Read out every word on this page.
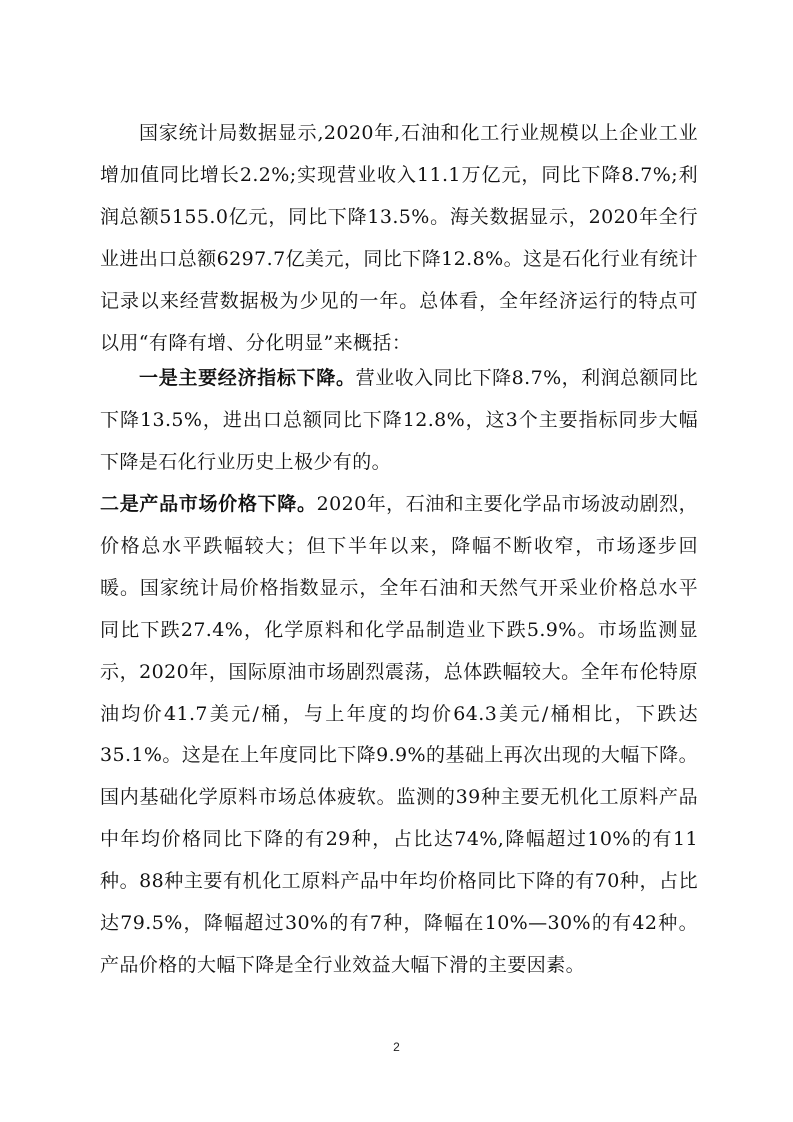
国家统计局数据显示,2020年,石油和化工行业规模以上企业工业增加值同比增长2.2%;实现营业收入11.1万亿元，同比下降8.7%;利润总额5155.0亿元，同比下降13.5%。海关数据显示，2020年全行业进出口总额6297.7亿美元，同比下降12.8%。这是石化行业有统计记录以来经营数据极为少见的一年。总体看，全年经济运行的特点可以用“有降有增、分化明显”来概括：

一是主要经济指标下降。营业收入同比下降8.7%，利润总额同比下降13.5%，进出口总额同比下降12.8%，这3个主要指标同步大幅下降是石化行业历史上极少有的。

二是产品市场价格下降。2020年，石油和主要化学品市场波动剧烈，价格总水平跌幅较大；但下半年以来，降幅不断收窄，市场逐步回暖。国家统计局价格指数显示，全年石油和天然气开采业价格总水平同比下跌27.4%，化学原料和化学品制造业下跌5.9%。市场监测显示，2020年，国际原油市场剧烈震荡，总体跌幅较大。全年布伦特原油均价41.7美元/桶，与上年度的均价64.3美元/桶相比，下跌达35.1%。这是在上年度同比下降9.9%的基础上再次出现的大幅下降。国内基础化学原料市场总体疲软。监测的39种主要无机化工原料产品中年均价格同比下降的有29种，占比达74%,降幅超过10%的有11种。88种主要有机化工原料产品中年均价格同比下降的有70种，占比达79.5%，降幅超过30%的有7种，降幅在10%—30%的有42种。产品价格的大幅下降是全行业效益大幅下滑的主要因素。

2
